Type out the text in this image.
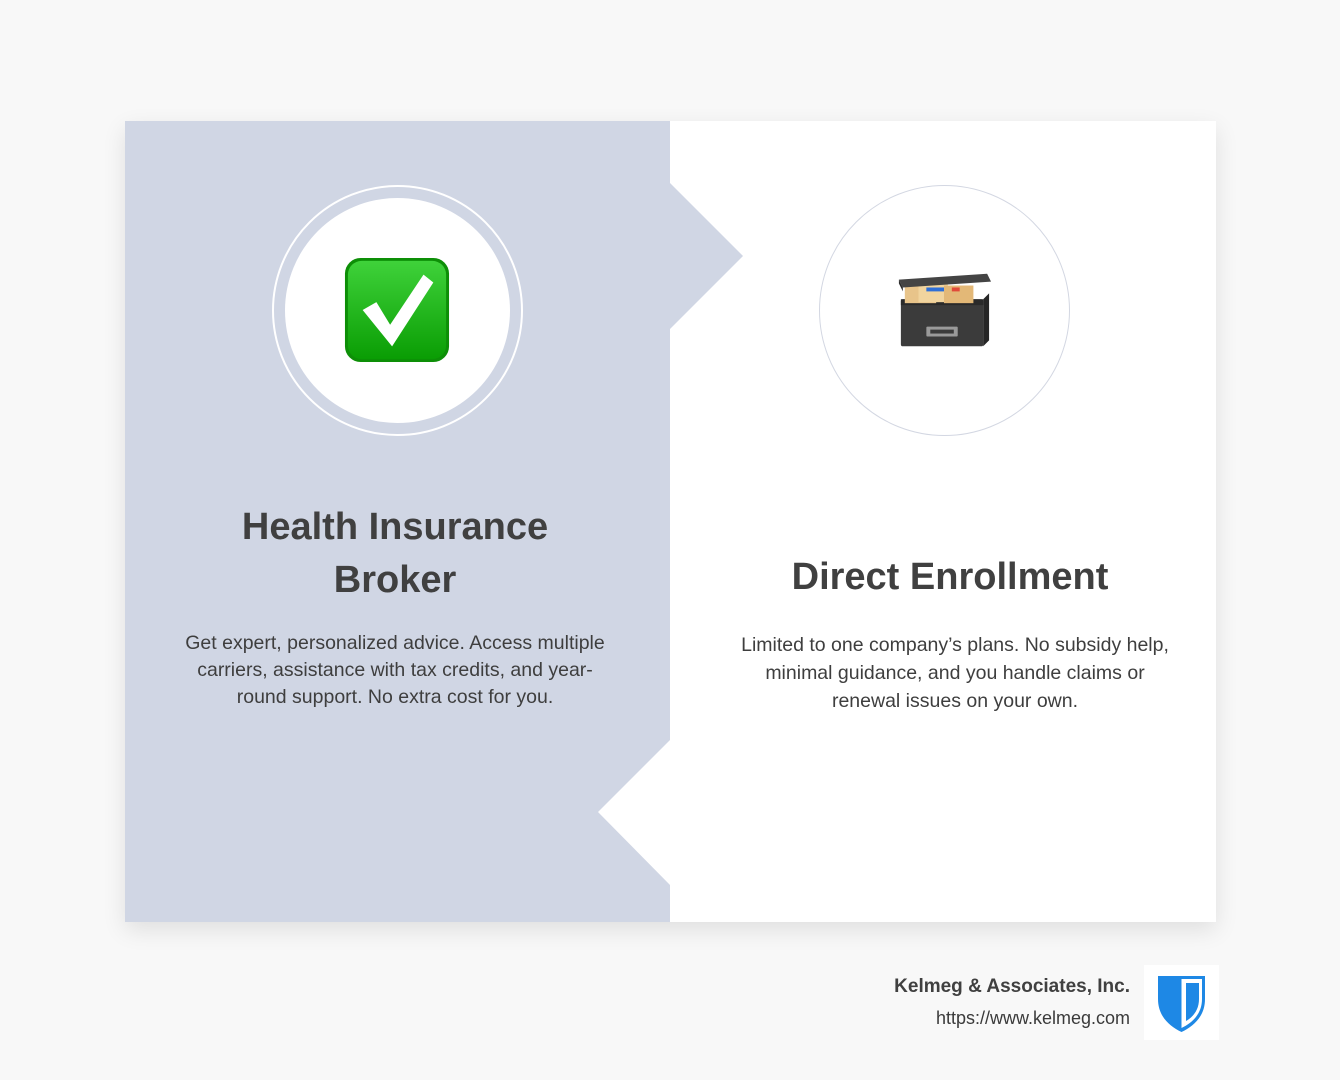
Health Insurance Broker

Get expert, personalized advice. Access multiple carriers, assistance with tax credits, and year-round support. No extra cost for you.

Direct Enrollment

Limited to one company’s plans. No subsidy help, minimal guidance, and you handle claims or renewal issues on your own.

Kelmeg & Associates, Inc.
https://www.kelmeg.com
